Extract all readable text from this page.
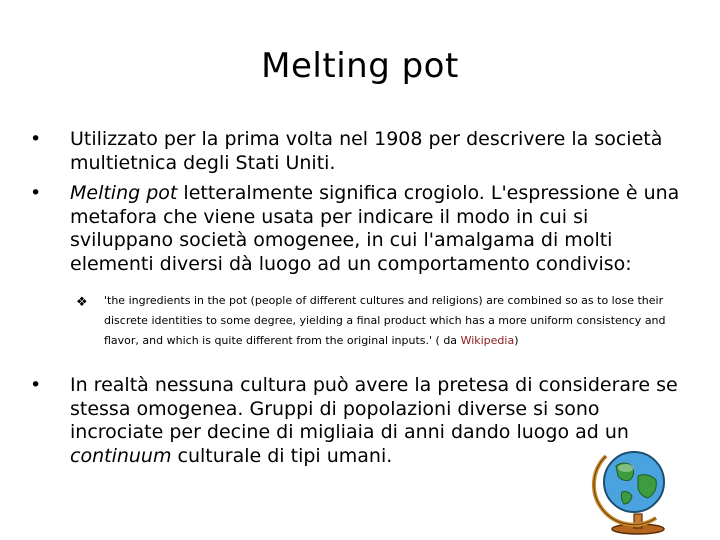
Melting pot
• Utilizzato per la prima volta nel 1908 per descrivere la società multietnica degli Stati Uniti.
• Melting pot letteralmente significa crogiolo. L'espressione è una metafora che viene usata per indicare il modo in cui si sviluppano società omogenee, in cui l'amalgama di molti elementi diversi dà luogo ad un comportamento condiviso:
❖ 'the ingredients in the pot (people of different cultures and religions) are combined so as to lose their discrete identities to some degree, yielding a final product which has a more uniform consistency and flavor, and which is quite different from the original inputs.' ( da Wikipedia)
• In realtà nessuna cultura può avere la pretesa di considerare se stessa omogenea. Gruppi di popolazioni diverse si sono incrociate per decine di migliaia di anni dando luogo ad un continuum culturale di tipi umani.
